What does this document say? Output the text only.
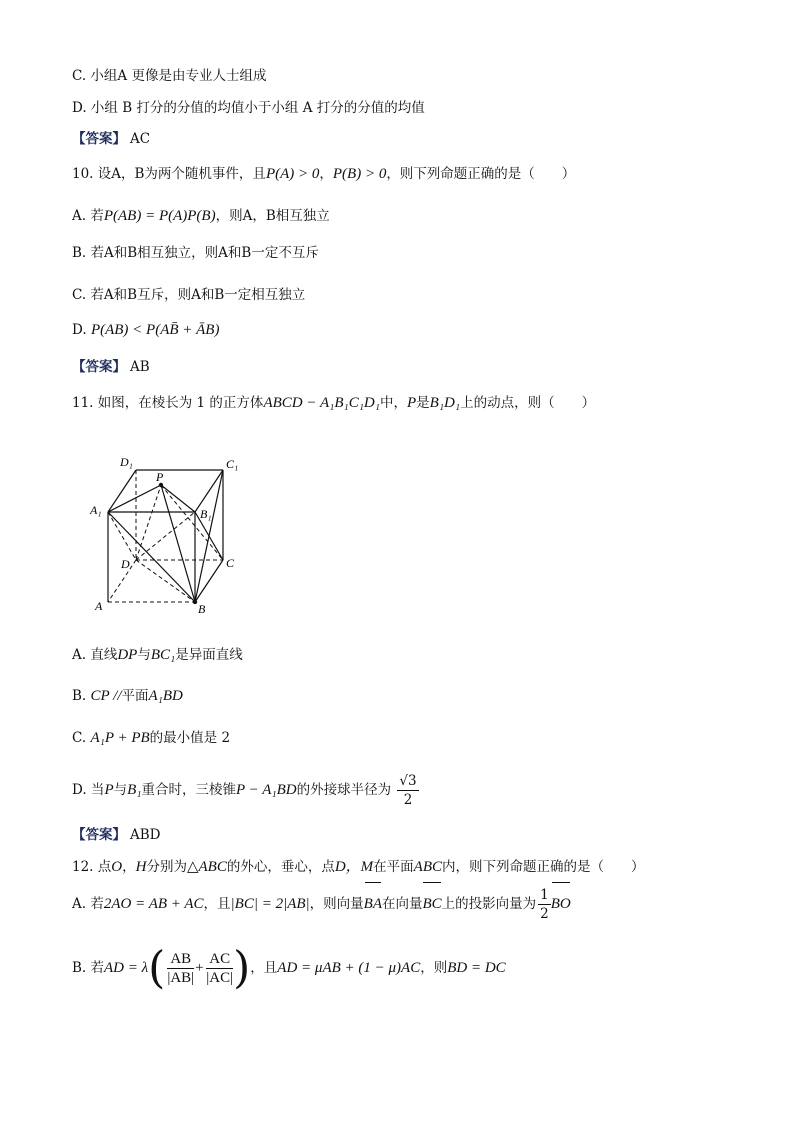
C. 小组A 更像是由专业人士组成
D. 小组 B 打分的分值的均值小于小组 A 打分的分值的均值
【答案】 AC
10. 设A，B为两个随机事件，且P(A) > 0，P(B) > 0，则下列命题正确的是（　　）
A. 若P(AB) = P(A)P(B)，则A，B相互独立
B. 若A和B相互独立，则A和B一定不互斥
C. 若A和B互斥，则A和B一定相互独立
D. P(AB) < P(AB̄ + ĀB)
【答案】 AB
11. 如图，在棱长为 1 的正方体ABCD − A₁B₁C₁D₁中，P是B₁D₁上的动点，则（　　）
D₁	C₁
A₁	B₁
P
D	C
A	B
A. 直线DP与BC₁是异面直线
B. CP //平面A₁BD
C. A₁P + PB的最小值是 2
D. 当P与B₁重合时，三棱锥P − A₁BD的外接球半径为 $\frac{√3}{2}$
【答案】 ABD
12. 点O，H分别为△ABC的外心，垂心，点D，M在平面ABC内，则下列命题正确的是（　　）
A. 若2AO = AB + AC，且|BC| = 2|AB|，则向量BA在向量BC上的投影向量为 $\frac{1}{2}$ BO
B. 若AD = $\lambda( \frac{AB}{|AB|} + \frac{AC}{|AC|}$ )，且AD = μAB + (1 − μ)AC，则BD = DC
